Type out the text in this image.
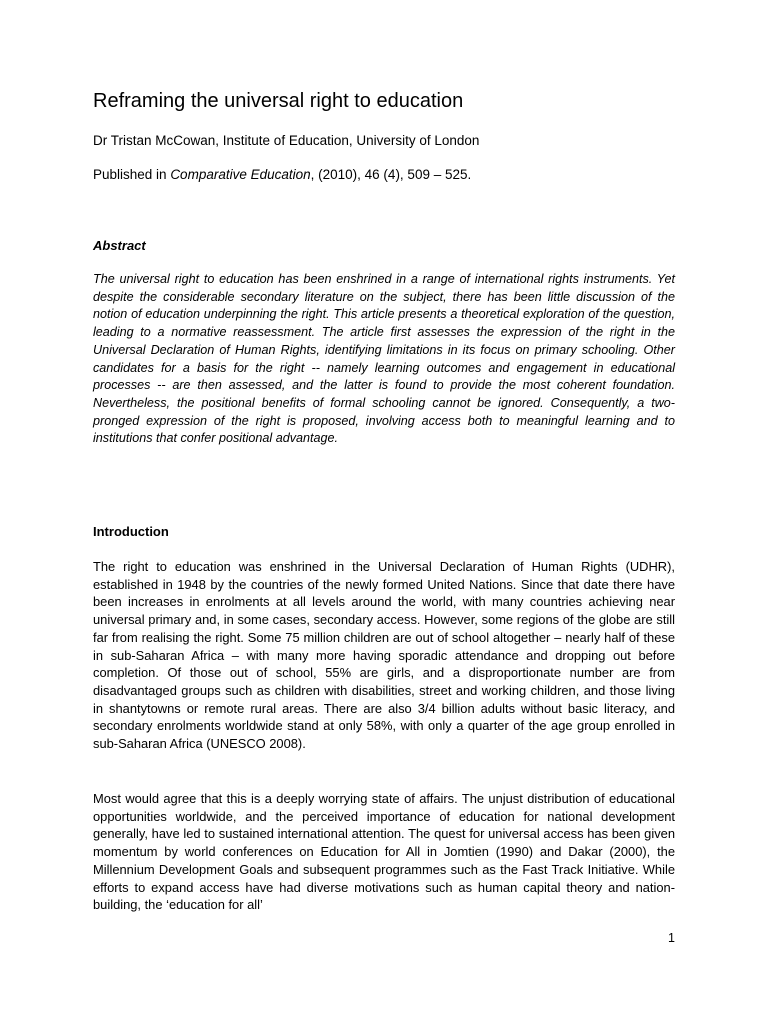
Reframing the universal right to education
Dr Tristan McCowan, Institute of Education, University of London
Published in Comparative Education, (2010), 46 (4), 509 – 525.
Abstract

The universal right to education has been enshrined in a range of international rights instruments. Yet despite the considerable secondary literature on the subject, there has been little discussion of the notion of education underpinning the right. This article presents a theoretical exploration of the question, leading to a normative reassessment. The article first assesses the expression of the right in the Universal Declaration of Human Rights, identifying limitations in its focus on primary schooling. Other candidates for a basis for the right -- namely learning outcomes and engagement in educational processes -- are then assessed, and the latter is found to provide the most coherent foundation. Nevertheless, the positional benefits of formal schooling cannot be ignored. Consequently, a two-pronged expression of the right is proposed, involving access both to meaningful learning and to institutions that confer positional advantage.

Introduction

The right to education was enshrined in the Universal Declaration of Human Rights (UDHR), established in 1948 by the countries of the newly formed United Nations. Since that date there have been increases in enrolments at all levels around the world, with many countries achieving near universal primary and, in some cases, secondary access. However, some regions of the globe are still far from realising the right. Some 75 million children are out of school altogether – nearly half of these in sub-Saharan Africa – with many more having sporadic attendance and dropping out before completion. Of those out of school, 55% are girls, and a disproportionate number are from disadvantaged groups such as children with disabilities, street and working children, and those living in shantytowns or remote rural areas. There are also 3/4 billion adults without basic literacy, and secondary enrolments worldwide stand at only 58%, with only a quarter of the age group enrolled in sub-Saharan Africa (UNESCO 2008).

Most would agree that this is a deeply worrying state of affairs. The unjust distribution of educational opportunities worldwide, and the perceived importance of education for national development generally, have led to sustained international attention. The quest for universal access has been given momentum by world conferences on Education for All in Jomtien (1990) and Dakar (2000), the Millennium Development Goals and subsequent programmes such as the Fast Track Initiative. While efforts to expand access have had diverse motivations such as human capital theory and nation-building, the ‘education for all’

1
